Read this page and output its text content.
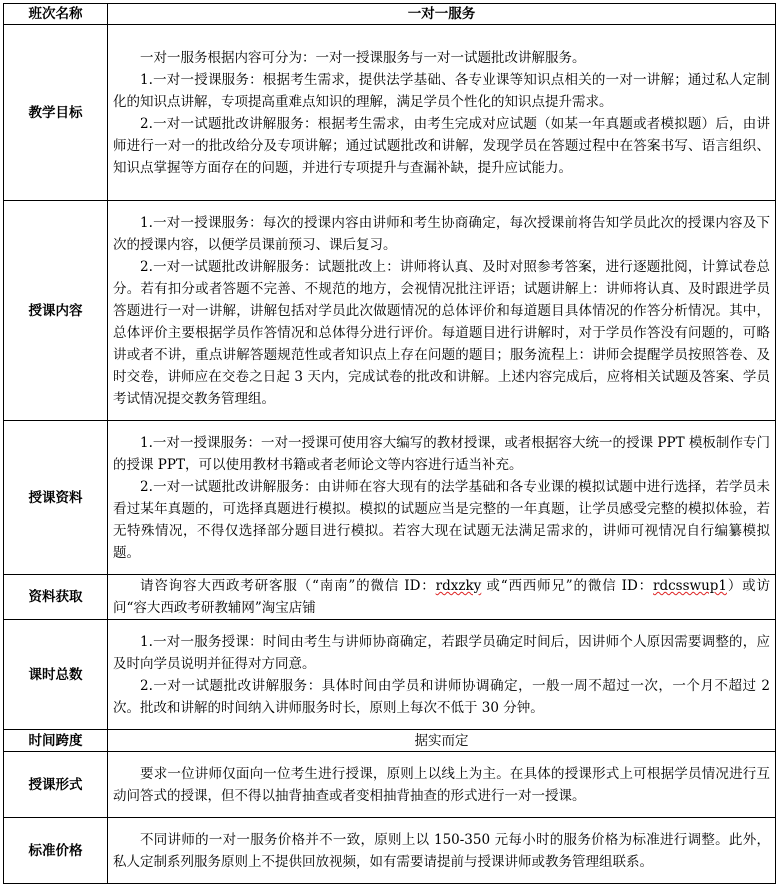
班次名称	一对一服务
教学目标	一对一服务根据内容可分为：一对一授课服务与一对一试题批改讲解服务。

1.一对一授课服务：根据考生需求，提供法学基础、各专业课等知识点相关的一对一讲解；通过私人定制化的知识点讲解，专项提高重难点知识的理解，满足学员个性化的知识点提升需求。

2.一对一试题批改讲解服务：根据考生需求，由考生完成对应试题（如某一年真题或者模拟题）后，由讲师进行一对一的批改给分及专项讲解；通过试题批改和讲解，发现学员在答题过程中在答案书写、语言组织、知识点掌握等方面存在的问题，并进行专项提升与查漏补缺，提升应试能力。

授课内容	1.一对一授课服务：每次的授课内容由讲师和考生协商确定，每次授课前将告知学员此次的授课内容及下次的授课内容，以便学员课前预习、课后复习。

2.一对一试题批改讲解服务：试题批改上：讲师将认真、及时对照参考答案，进行逐题批阅，计算试卷总分。若有扣分或者答题不完善、不规范的地方，会视情况批注评语；试题讲解上：讲师将认真、及时跟进学员答题进行一对一讲解，讲解包括对学员此次做题情况的总体评价和每道题目具体情况的作答分析情况。其中，总体评价主要根据学员作答情况和总体得分进行评价。每道题目进行讲解时，对于学员作答没有问题的，可略讲或者不讲，重点讲解答题规范性或者知识点上存在问题的题目；服务流程上：讲师会提醒学员按照答卷、及时交卷，讲师应在交卷之日起 3 天内，完成试卷的批改和讲解。上述内容完成后，应将相关试题及答案、学员考试情况提交教务管理组。

授课资料	1.一对一授课服务：一对一授课可使用容大编写的教材授课，或者根据容大统一的授课 PPT 模板制作专门的授课 PPT，可以使用教材书籍或者老师论文等内容进行适当补充。

2.一对一试题批改讲解服务：由讲师在容大现有的法学基础和各专业课的模拟试题中进行选择，若学员未看过某年真题的，可选择真题进行模拟。模拟的试题应当是完整的一年真题，让学员感受完整的模拟体验，若无特殊情况，不得仅选择部分题目进行模拟。若容大现在试题无法满足需求的，讲师可视情况自行编纂模拟题。

资料获取	请咨询容大西政考研客服（“南南”的微信 ID：rdxzky 或“西西师兄”的微信 ID：rdcsswup1）或访问“容大西政考研教辅网”淘宝店铺

课时总数	1.一对一服务授课：时间由考生与讲师协商确定，若跟学员确定时间后，因讲师个人原因需要调整的，应及时向学员说明并征得对方同意。

2.一对一试题批改讲解服务：具体时间由学员和讲师协调确定，一般一周不超过一次，一个月不超过 2 次。批改和讲解的时间纳入讲师服务时长，原则上每次不低于 30 分钟。

时间跨度	据实而定
授课形式	要求一位讲师仅面向一位考生进行授课，原则上以线上为主。在具体的授课形式上可根据学员情况进行互动问答式的授课，但不得以抽背抽查或者变相抽背抽查的形式进行一对一授课。

标准价格	不同讲师的一对一服务价格并不一致，原则上以 150-350 元每小时的服务价格为标准进行调整。此外，私人定制系列服务原则上不提供回放视频，如有需要请提前与授课讲师或教务管理组联系。
